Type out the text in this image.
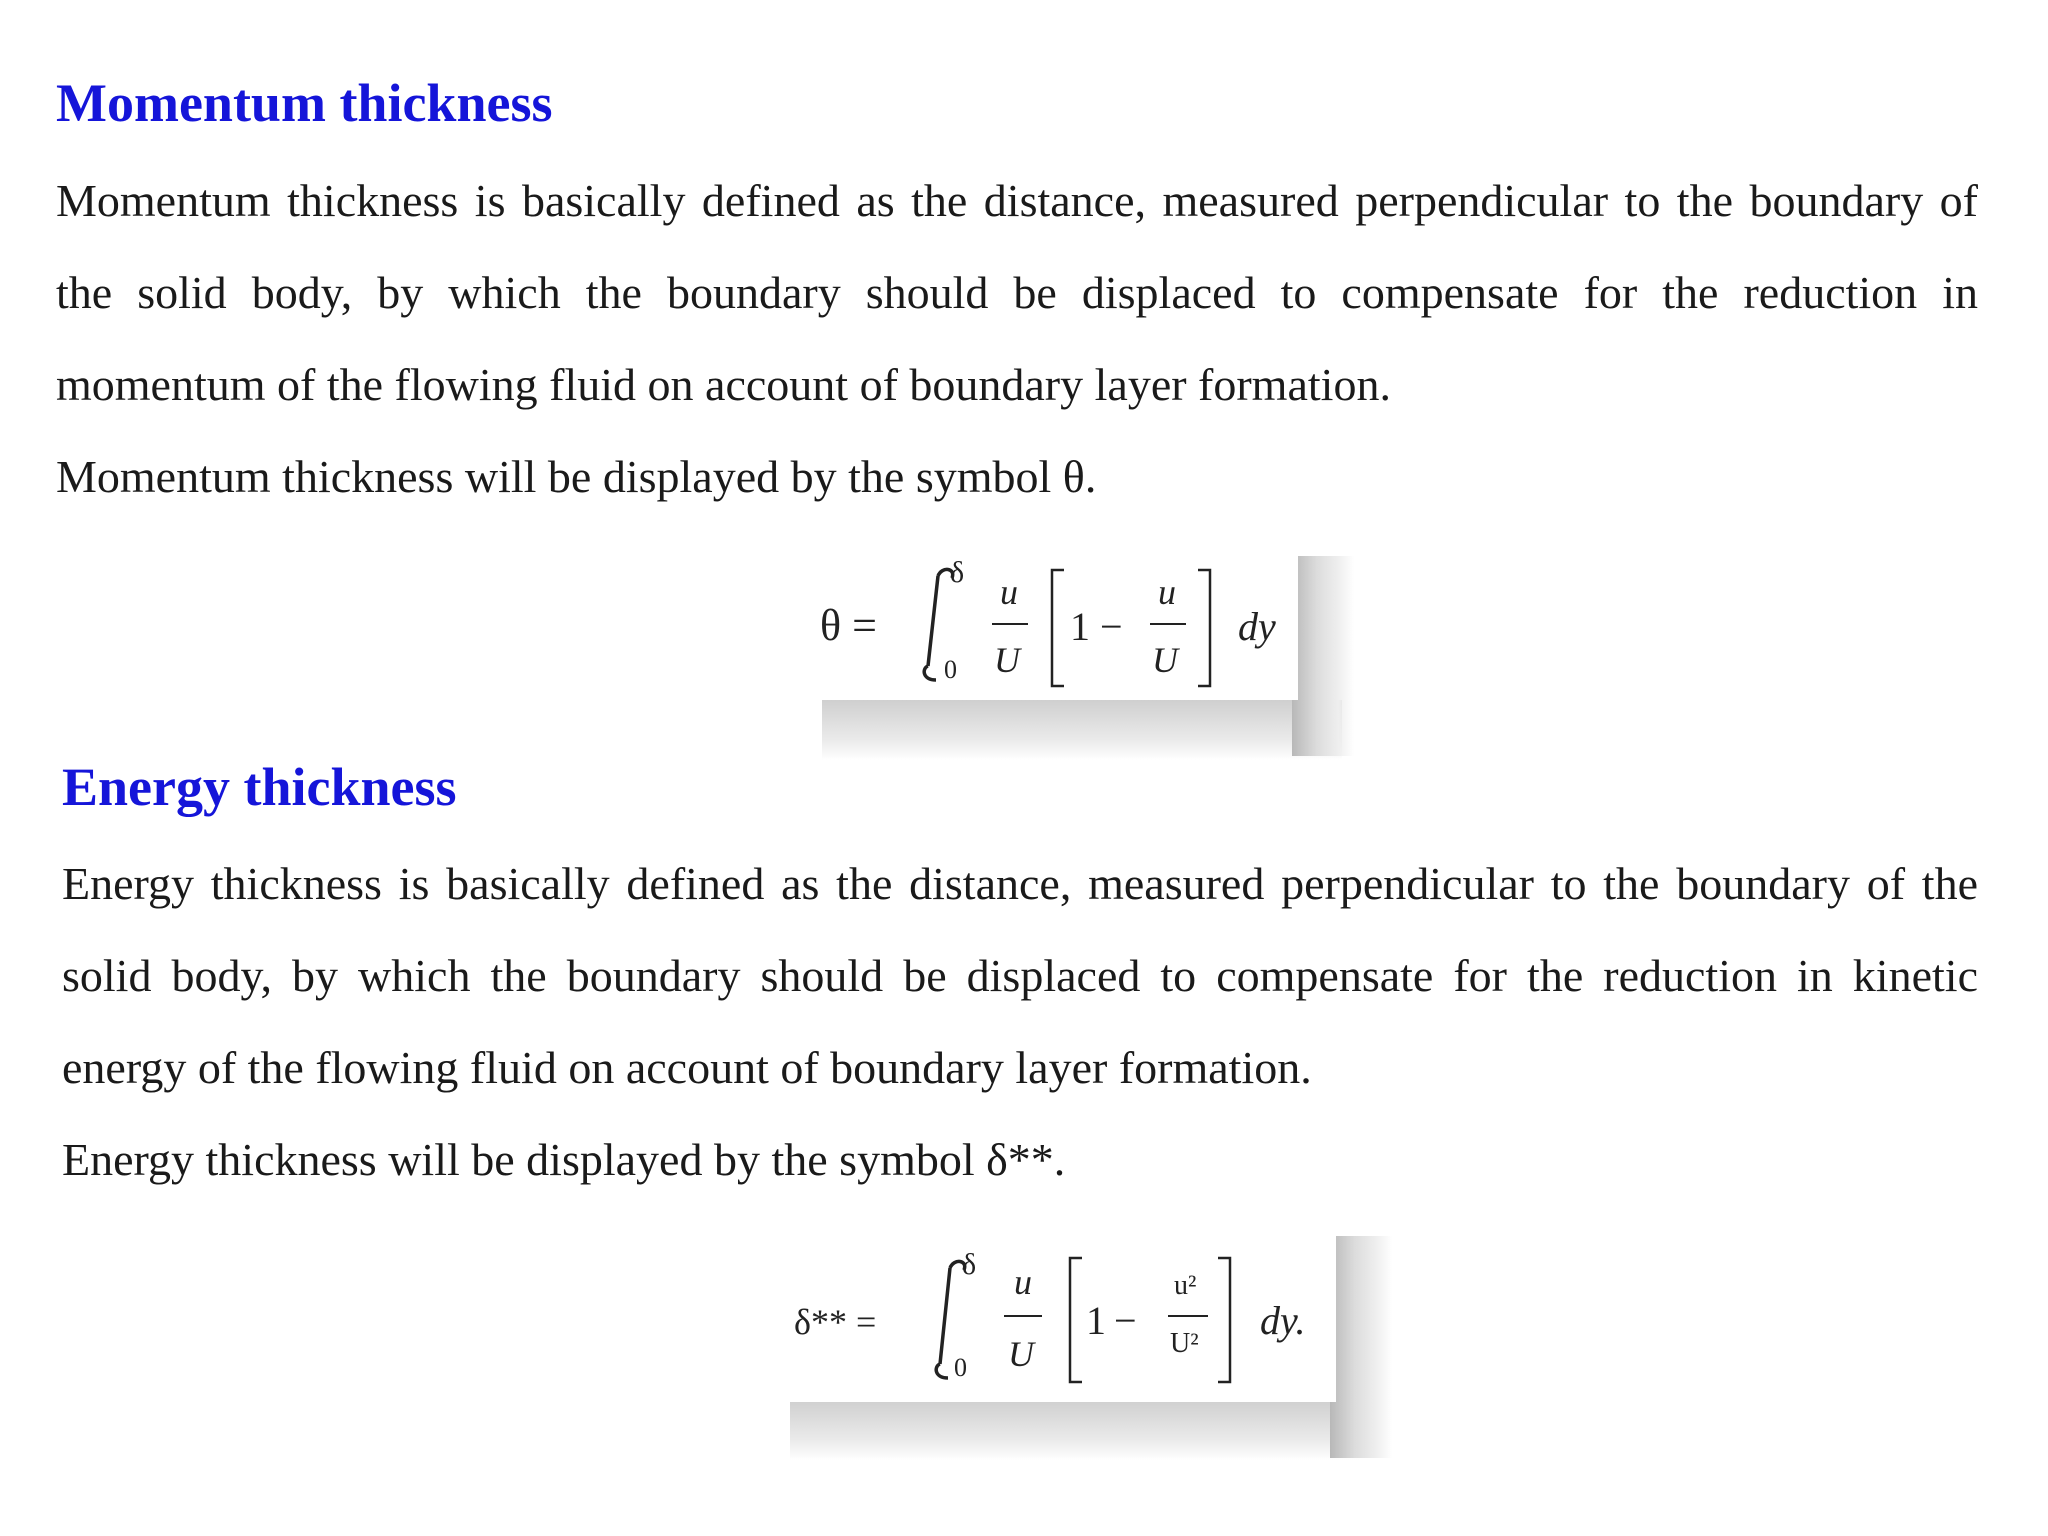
Momentum thickness

Momentum thickness is basically defined as the distance, measured perpendicular to the boundary of the solid body, by which the boundary should be displaced to compensate for the reduction in momentum of the flowing fluid on account of boundary layer formation.
Momentum thickness will be displayed by the symbol θ.

θ =
δ
0
u
U
1 −
u
U
dy
Energy thickness

Energy thickness is basically defined as the distance, measured perpendicular to the boundary of the solid body, by which the boundary should be displaced to compensate for the reduction in kinetic energy of the flowing fluid on account of boundary layer formation.
Energy thickness will be displayed by the symbol δ**.

δ** =
δ
0
u
U
1 −
u²
U²
dy.
